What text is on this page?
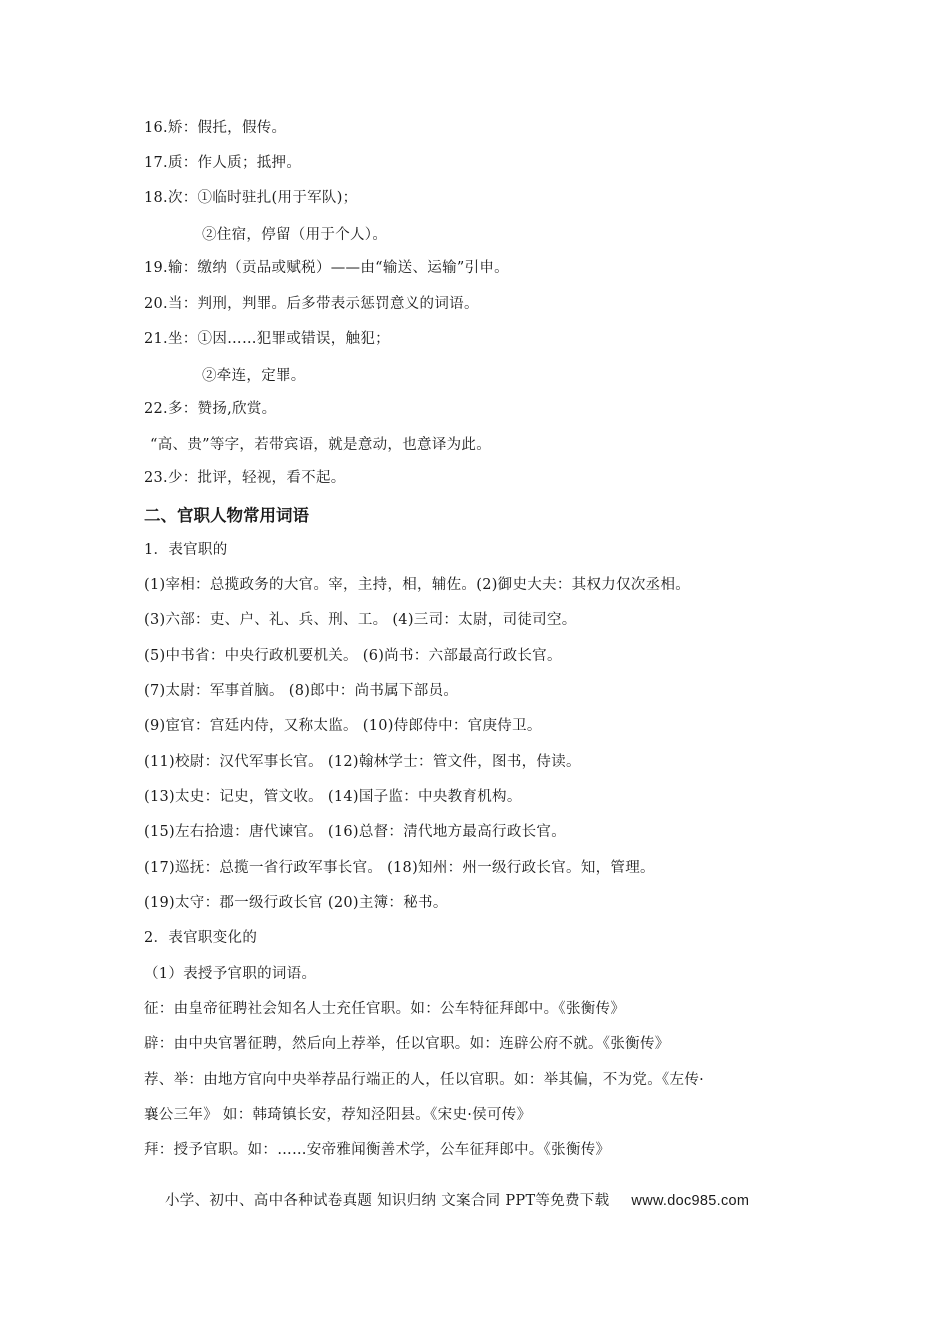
16.矫：假托，假传。
17.质：作人质；抵押。
18.次：①临时驻扎(用于军队)；
②住宿，停留（用于个人）。
19.输：缴纳（贡品或赋税）——由“输送、运输”引申。
20.当：判刑，判罪。后多带表示惩罚意义的词语。
21.坐：①因……犯罪或错误，触犯；
②牵连，定罪。
22.多：赞扬,欣赏。
“高、贵”等字，若带宾语，就是意动，也意译为此。
23.少：批评，轻视，看不起。
二、官职人物常用词语
1．表官职的
(1)宰相：总揽政务的大官。宰，主持，相，辅佐。(2)御史大夫：其权力仅次丞相。
(3)六部：吏、户、礼、兵、刑、工。 (4)三司：太尉，司徒司空。
(5)中书省：中央行政机要机关。 (6)尚书：六部最高行政长官。
(7)太尉：军事首脑。 (8)郎中：尚书属下部员。
(9)宦官：宫廷内侍，又称太监。 (10)侍郎侍中：官庚侍卫。
(11)校尉：汉代军事长官。 (12)翰林学士：管文件，图书，侍读。
(13)太史：记史，管文收。 (14)国子监：中央教育机构。
(15)左右拾遗：唐代谏官。 (16)总督：清代地方最高行政长官。
(17)巡抚：总揽一省行政军事长官。 (18)知州：州一级行政长官。知，管理。
(19)太守：郡一级行政长官 (20)主簿：秘书。
2．表官职变化的
（1）表授予官职的词语。
征：由皇帝征聘社会知名人士充任官职。如：公车特征拜郎中。《张衡传》
辟：由中央官署征聘，然后向上荐举，任以官职。如：连辟公府不就。《张衡传》
荐、举：由地方官向中央举荐品行端正的人，任以官职。如：举其偏，不为党。《左传·
襄公三年》 如：韩琦镇长安，荐知泾阳县。《宋史·侯可传》
拜：授予官职。如：……安帝雅闻衡善术学，公车征拜郎中。《张衡传》
小学、初中、高中各种试卷真题 知识归纳 文案合同 PPT等免费下载 www.doc985.com
